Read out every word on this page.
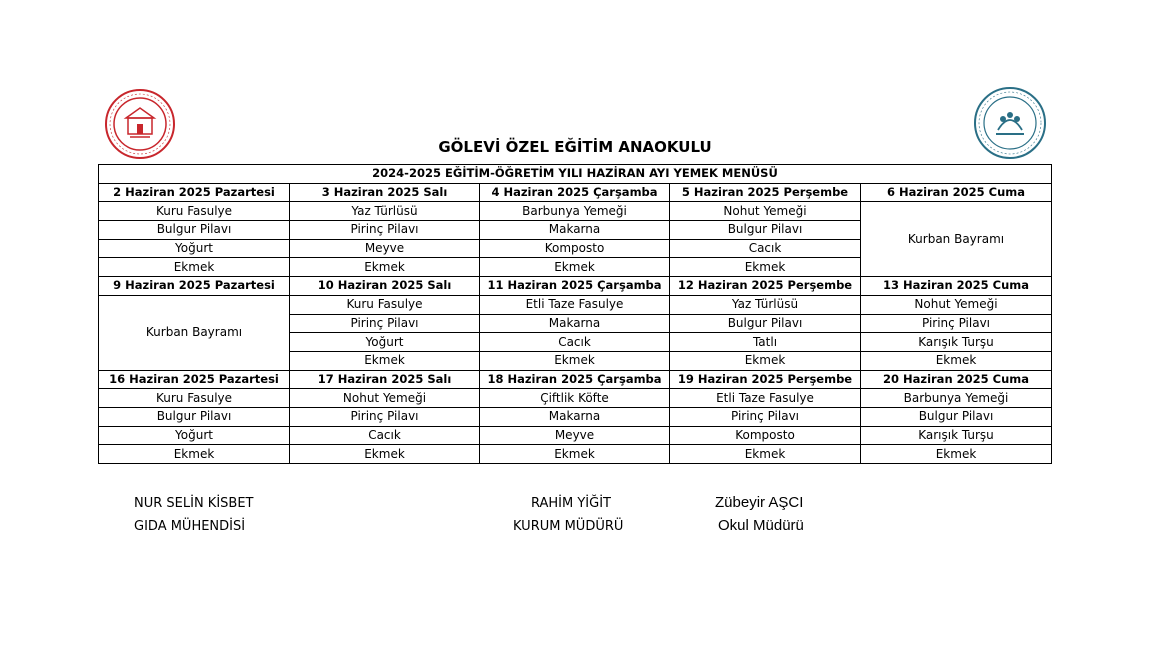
GÖLEVİ ÖZEL EĞİTİM ANAOKULU
2024-2025 EĞİTİM-ÖĞRETİM YILI HAZİRAN AYI YEMEK MENÜSÜ				
2 Haziran 2025 Pazartesi	3 Haziran 2025 Salı	4 Haziran 2025 Çarşamba	5 Haziran 2025 Perşembe	6 Haziran 2025 Cuma
Kuru Fasulye	Yaz Türlüsü	Barbunya Yemeği	Nohut Yemeği	Kurban Bayramı
Bulgur Pilavı	Pirinç Pilavı	Makarna	Bulgur Pilavı	
Yoğurt	Meyve	Komposto	Cacık	
Ekmek	Ekmek	Ekmek	Ekmek	
9 Haziran 2025 Pazartesi	10 Haziran 2025 Salı	11 Haziran 2025 Çarşamba	12 Haziran 2025 Perşembe	13 Haziran 2025 Cuma
Kurban Bayramı	Kuru Fasulye	Etli Taze Fasulye	Yaz Türlüsü	Nohut Yemeği
	Pirinç Pilavı	Makarna	Bulgur Pilavı	Pirinç Pilavı
	Yoğurt	Cacık	Tatlı	Karışık Turşu
	Ekmek	Ekmek	Ekmek	Ekmek
16 Haziran 2025 Pazartesi	17 Haziran 2025 Salı	18 Haziran 2025 Çarşamba	19 Haziran 2025 Perşembe	20 Haziran 2025 Cuma
Kuru Fasulye	Nohut Yemeği	Çiftlik Köfte	Etli Taze Fasulye	Barbunya Yemeği
Bulgur Pilavı	Pirinç Pilavı	Makarna	Pirinç Pilavı	Bulgur Pilavı
Yoğurt	Cacık	Meyve	Komposto	Karışık Turşu
Ekmek	Ekmek	Ekmek	Ekmek	Ekmek
NUR SELİN KİSBET
GIDA MÜHENDİSİ
RAHİM YİĞİT
KURUM MÜDÜRÜ
Zübeyir AŞCI
Okul Müdürü
